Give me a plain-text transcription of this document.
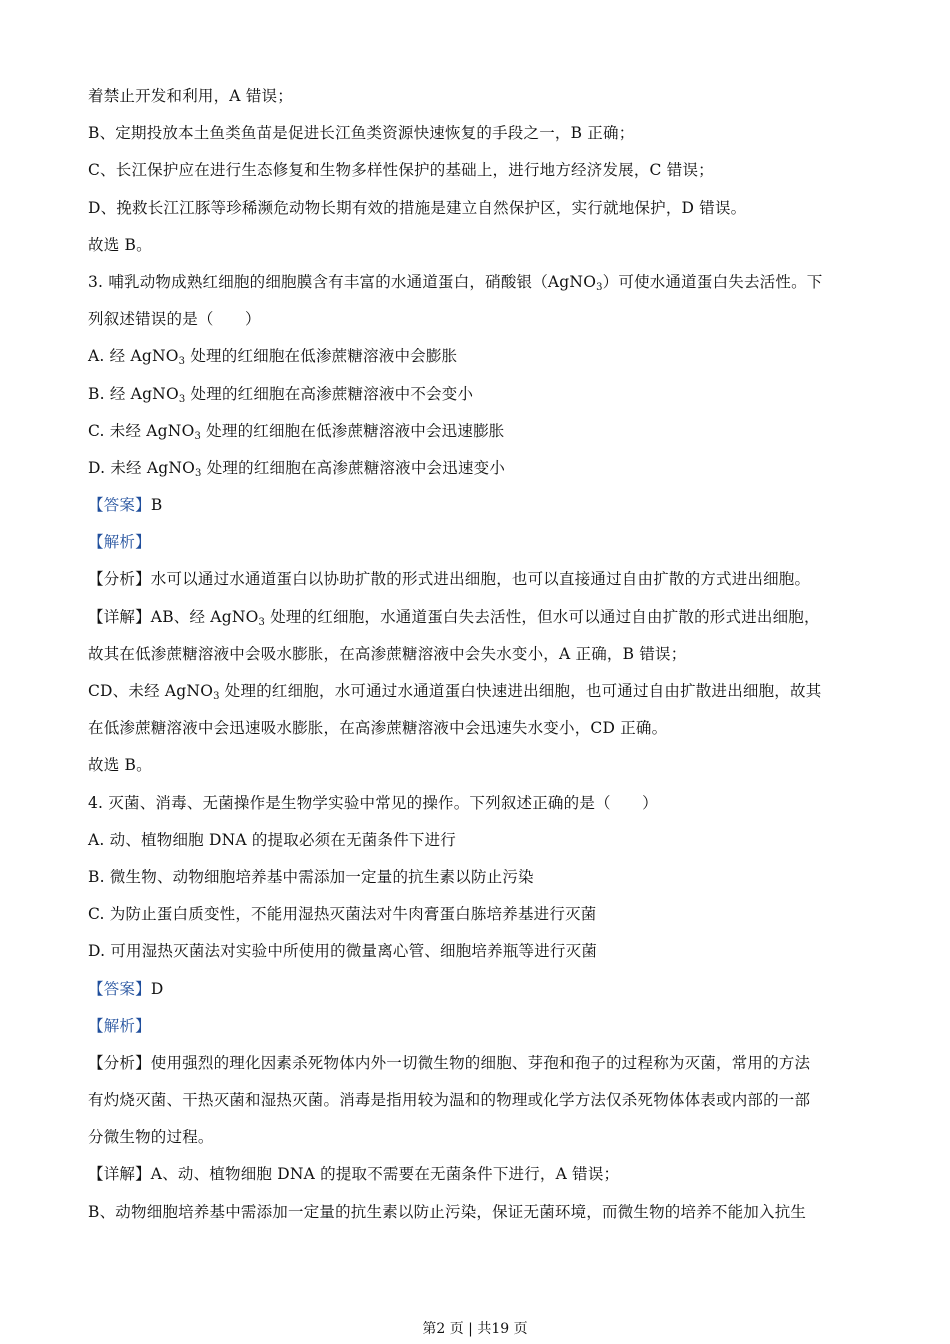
着禁止开发和利用，A 错误；
B、定期投放本土鱼类鱼苗是促进长江鱼类资源快速恢复的手段之一，B 正确；
C、长江保护应在进行生态修复和生物多样性保护的基础上，进行地方经济发展，C 错误；
D、挽救长江江豚等珍稀濒危动物长期有效的措施是建立自然保护区，实行就地保护，D 错误。
故选 B。
3. 哺乳动物成熟红细胞的细胞膜含有丰富的水通道蛋白，硝酸银（AgNO$_3$）可使水通道蛋白失去活性。下
列叙述错误的是（　　）
A. 经 AgNO$_3$ 处理的红细胞在低渗蔗糖溶液中会膨胀
B. 经 AgNO$_3$ 处理的红细胞在高渗蔗糖溶液中不会变小
C. 未经 AgNO$_3$ 处理的红细胞在低渗蔗糖溶液中会迅速膨胀
D. 未经 AgNO$_3$ 处理的红细胞在高渗蔗糖溶液中会迅速变小
【答案】B
【解析】
【分析】水可以通过水通道蛋白以协助扩散的形式进出细胞，也可以直接通过自由扩散的方式进出细胞。
【详解】AB、经 AgNO$_3$ 处理的红细胞，水通道蛋白失去活性，但水可以通过自由扩散的形式进出细胞，
故其在低渗蔗糖溶液中会吸水膨胀，在高渗蔗糖溶液中会失水变小，A 正确，B 错误；
CD、未经 AgNO$_3$ 处理的红细胞，水可通过水通道蛋白快速进出细胞，也可通过自由扩散进出细胞，故其
在低渗蔗糖溶液中会迅速吸水膨胀，在高渗蔗糖溶液中会迅速失水变小，CD 正确。
故选 B。
4. 灭菌、消毒、无菌操作是生物学实验中常见的操作。下列叙述正确的是（　　）
A. 动、植物细胞 DNA 的提取必须在无菌条件下进行
B. 微生物、动物细胞培养基中需添加一定量的抗生素以防止污染
C. 为防止蛋白质变性，不能用湿热灭菌法对牛肉膏蛋白胨培养基进行灭菌
D. 可用湿热灭菌法对实验中所使用的微量离心管、细胞培养瓶等进行灭菌
【答案】D
【解析】
【分析】使用强烈的理化因素杀死物体内外一切微生物的细胞、芽孢和孢子的过程称为灭菌，常用的方法
有灼烧灭菌、干热灭菌和湿热灭菌。消毒是指用较为温和的物理或化学方法仅杀死物体体表或内部的一部
分微生物的过程。
【详解】A、动、植物细胞 DNA 的提取不需要在无菌条件下进行，A 错误；
B、动物细胞培养基中需添加一定量的抗生素以防止污染，保证无菌环境，而微生物的培养不能加入抗生
第2 页 | 共19 页
